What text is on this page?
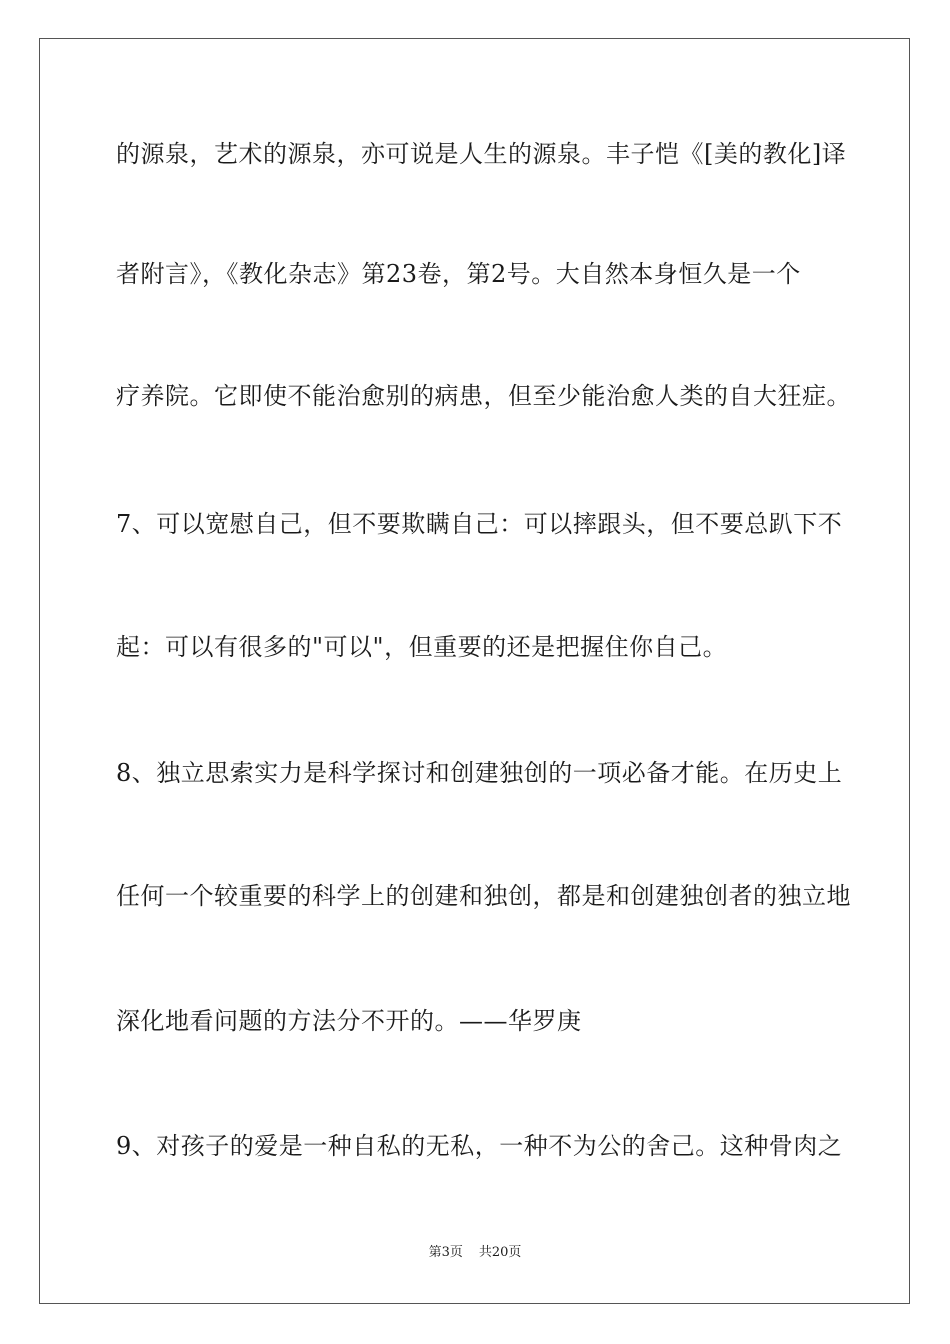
的源泉，艺术的源泉，亦可说是人生的源泉。丰子恺《[美的教化]译
者附言》，《教化杂志》第23卷，第2号。大自然本身恒久是一个
疗养院。它即使不能治愈别的病患，但至少能治愈人类的自大狂症。
7、可以宽慰自己，但不要欺瞒自己：可以摔跟头，但不要总趴下不
起：可以有很多的"可以"，但重要的还是把握住你自己。
8、独立思索实力是科学探讨和创建独创的一项必备才能。在历史上
任何一个较重要的科学上的创建和独创，都是和创建独创者的独立地
深化地看问题的方法分不开的。——华罗庚
9、对孩子的爱是一种自私的无私，一种不为公的舍己。这种骨肉之
第3页 共20页
